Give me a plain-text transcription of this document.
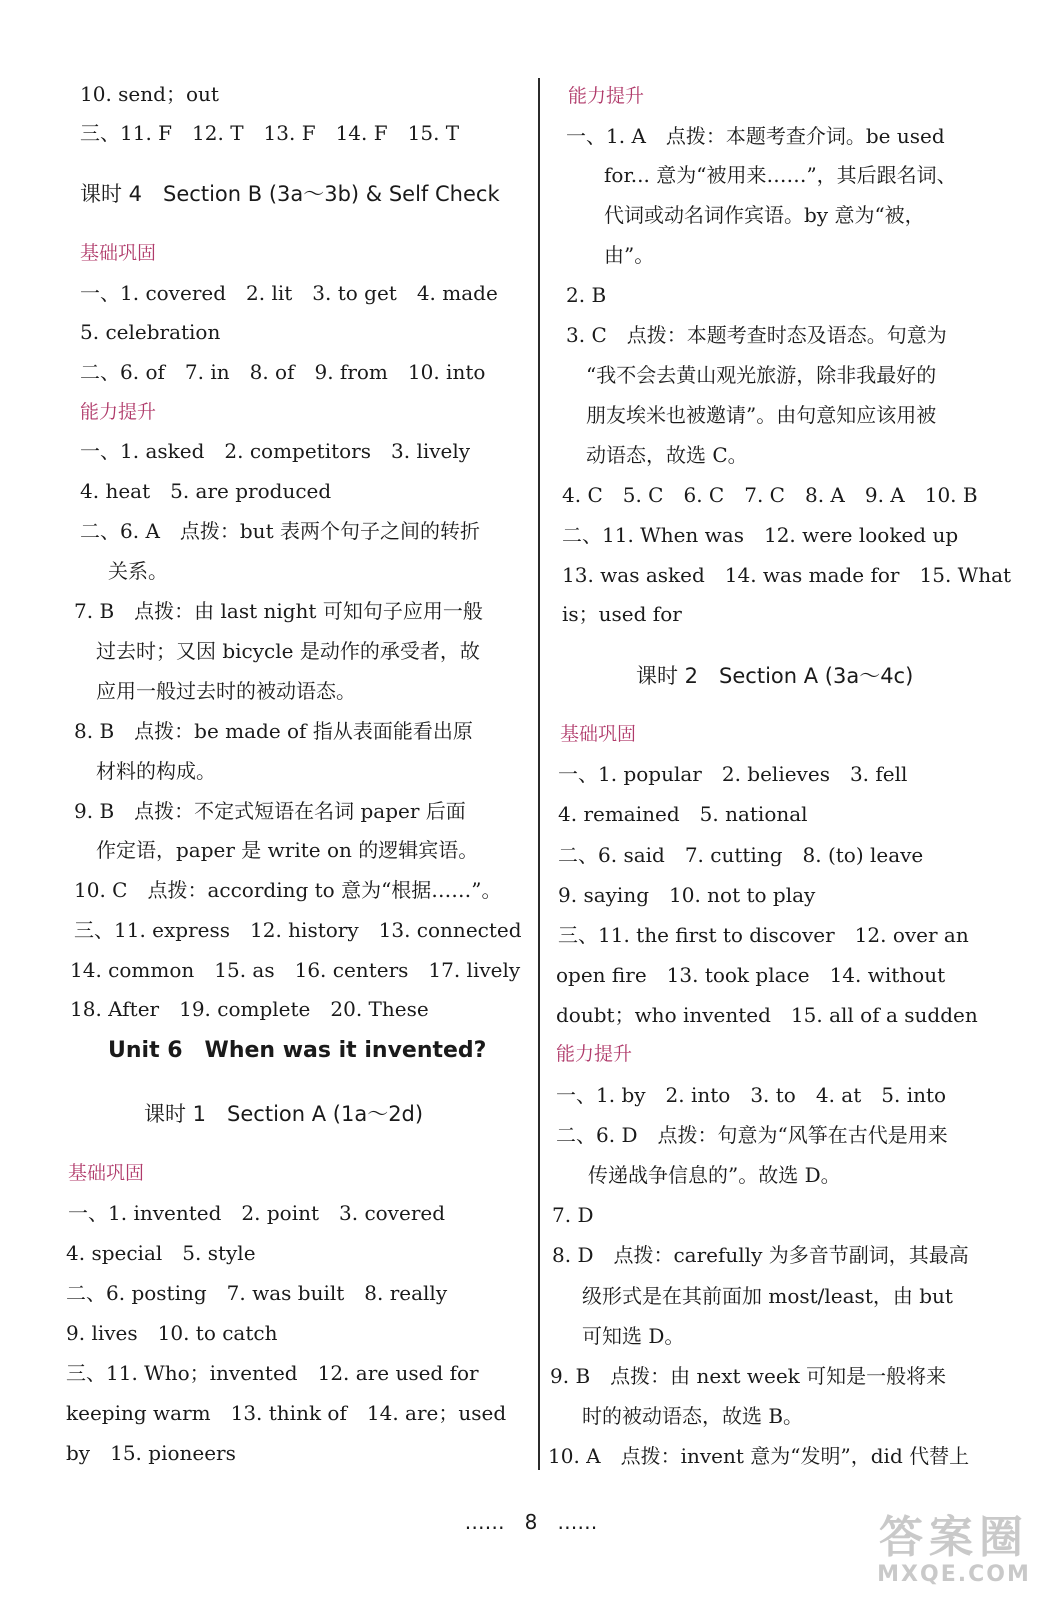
10. send；out
三、11. F　12. T　13. F　14. F　15. T
课时 4　Section B (3a～3b) & Self Check
基础巩固
一、1. covered　2. lit　3. to get　4. made
5. celebration
二、6. of　7. in　8. of　9. from　10. into
能力提升
一、1. asked　2. competitors　3. lively
4. heat　5. are produced
二、6. A　点拨：but 表两个句子之间的转折
关系。
7. B　点拨：由 last night 可知句子应用一般
过去时；又因 bicycle 是动作的承受者，故
应用一般过去时的被动语态。
8. B　点拨：be made of 指从表面能看出原
材料的构成。
9. B　点拨：不定式短语在名词 paper 后面
作定语，paper 是 write on 的逻辑宾语。
10. C　点拨：according to 意为“根据……”。
三、11. express　12. history　13. connected
14. common　15. as　16. centers　17. lively
18. After　19. complete　20. These
Unit 6　When was it invented?
课时 1　Section A (1a～2d)
基础巩固
一、1. invented　2. point　3. covered
4. special　5. style
二、6. posting　7. was built　8. really
9. lives　10. to catch
三、11. Who；invented　12. are used for
keeping warm　13. think of　14. are；used
by　15. pioneers
能力提升
一、1. A　点拨：本题考查介词。be used
for... 意为“被用来……”，其后跟名词、
代词或动名词作宾语。by 意为“被，
由”。
2. B
3. C　点拨：本题考查时态及语态。句意为
“我不会去黄山观光旅游，除非我最好的
朋友埃米也被邀请”。由句意知应该用被
动语态，故选 C。
4. C　5. C　6. C　7. C　8. A　9. A　10. B
二、11. When was　12. were looked up
13. was asked　14. was made for　15. What
is；used for
课时 2　Section A (3a～4c)
基础巩固
一、1. popular　2. believes　3. fell
4. remained　5. national
二、6. said　7. cutting　8. (to) leave
9. saying　10. not to play
三、11. the first to discover　12. over an
open fire　13. took place　14. without
doubt；who invented　15. all of a sudden
能力提升
一、1. by　2. into　3. to　4. at　5. into
二、6. D　点拨：句意为“风筝在古代是用来
传递战争信息的”。故选 D。
7. D
8. D　点拨：carefully 为多音节副词，其最高
级形式是在其前面加 most/least，由 but
可知选 D。
9. B　点拨：由 next week 可知是一般将来
时的被动语态，故选 B。
10. A　点拨：invent 意为“发明”，did 代替上
……　8　……	答案圈
MXQE.COM
